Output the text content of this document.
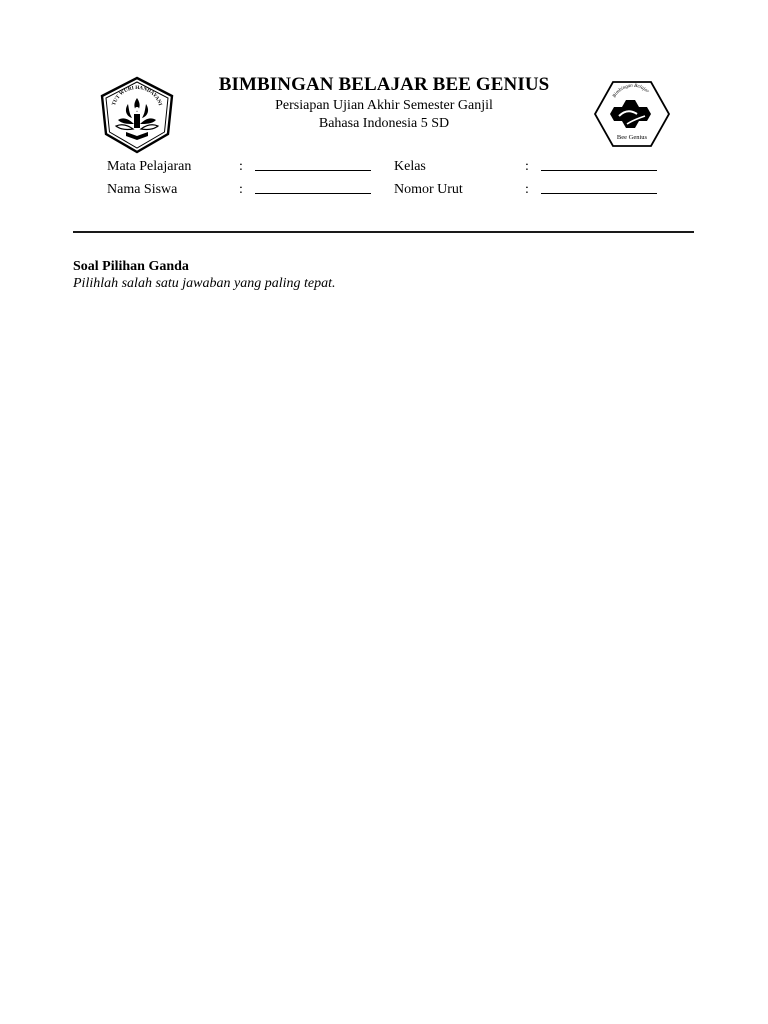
TUT WURI HANDAYANI
Bimbingan Belajar
Bee Genius
BIMBINGAN BELAJAR BEE GENIUS
Persiapan Ujian Akhir Semester Ganjil
Bahasa Indonesia 5 SD
Mata Pelajaran	:	Kelas	:
Nama Siswa	:	Nomor Urut	:
Soal Pilihan Ganda
Pilihlah salah satu jawaban yang paling tepat.
